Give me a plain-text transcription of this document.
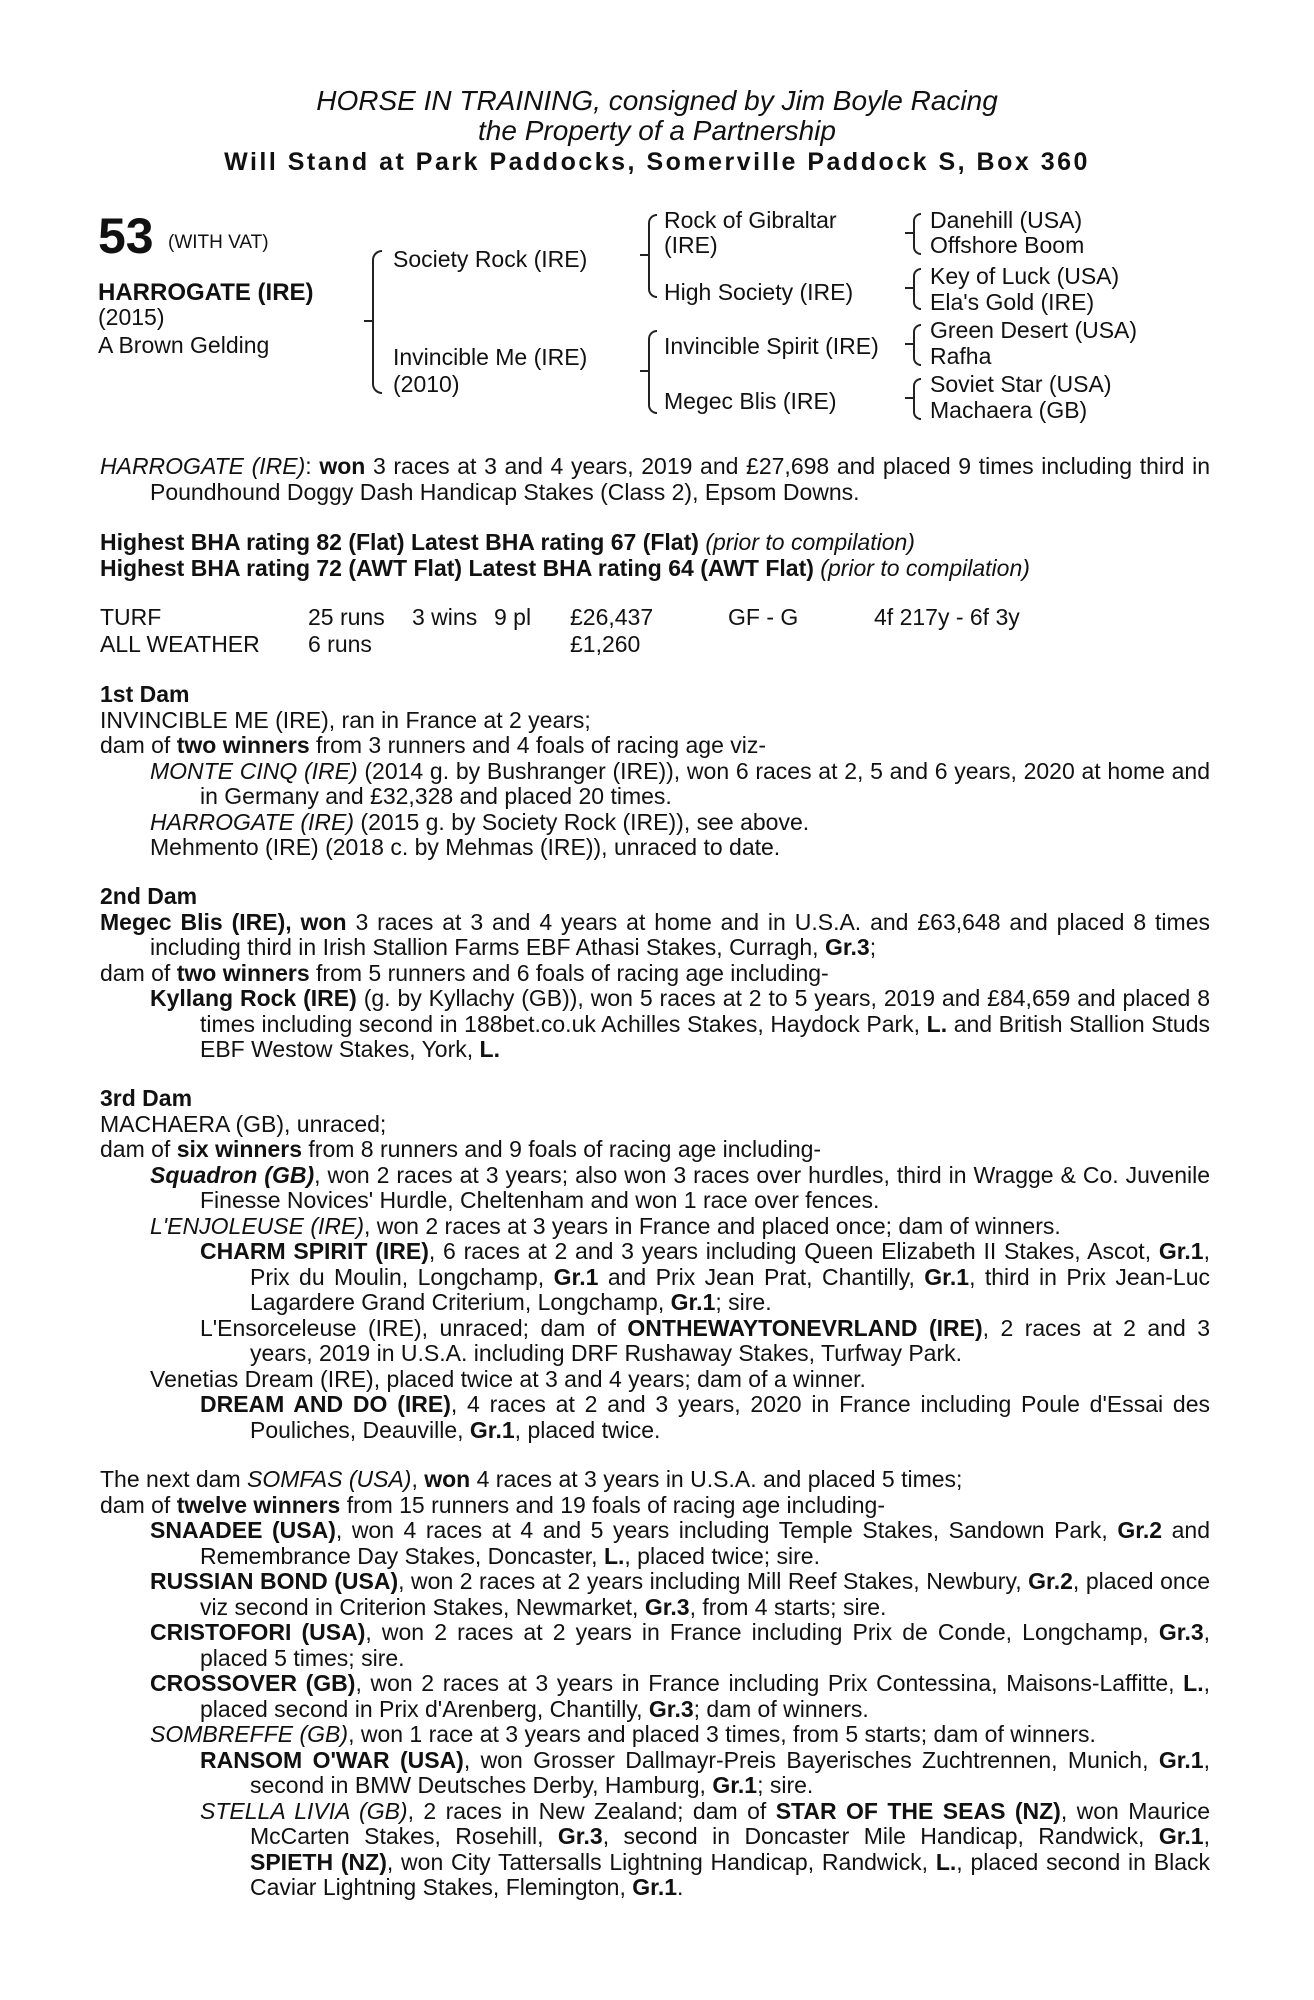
HORSE IN TRAINING, consigned by Jim Boyle Racing
the Property of a Partnership
Will Stand at Park Paddocks, Somerville Paddock S, Box 360
53 (WITH VAT)
HARROGATE (IRE)
(2015)
A Brown Gelding
Society Rock (IRE)
Invincible Me (IRE)
(2010)
Rock of Gibraltar
(IRE)
High Society (IRE)
Invincible Spirit (IRE)
Megec Blis (IRE)
Danehill (USA)
Offshore Boom
Key of Luck (USA)
Ela's Gold (IRE)
Green Desert (USA)
Rafha
Soviet Star (USA)
Machaera (GB)

HARROGATE (IRE): won 3 races at 3 and 4 years, 2019 and £27,698 and placed 9 times including third in Poundhound Doggy Dash Handicap Stakes (Class 2), Epsom Downs.

Highest BHA rating 82 (Flat) Latest BHA rating 67 (Flat) (prior to compilation)

Highest BHA rating 72 (AWT Flat) Latest BHA rating 64 (AWT Flat) (prior to compilation)

TURF	25 runs	3 wins	9 pl	£26,437	GF - G	4f 217y - 6f 3y
ALL WEATHER	6 runs			£1,260		

1st Dam

INVINCIBLE ME (IRE), ran in France at 2 years;

dam of two winners from 3 runners and 4 foals of racing age viz-

MONTE CINQ (IRE) (2014 g. by Bushranger (IRE)), won 6 races at 2, 5 and 6 years, 2020 at home and in Germany and £32,328 and placed 20 times.

HARROGATE (IRE) (2015 g. by Society Rock (IRE)), see above.

Mehmento (IRE) (2018 c. by Mehmas (IRE)), unraced to date.

2nd Dam

Megec Blis (IRE), won 3 races at 3 and 4 years at home and in U.S.A. and £63,648 and placed 8 times including third in Irish Stallion Farms EBF Athasi Stakes, Curragh, Gr.3;

dam of two winners from 5 runners and 6 foals of racing age including-

Kyllang Rock (IRE) (g. by Kyllachy (GB)), won 5 races at 2 to 5 years, 2019 and £84,659 and placed 8 times including second in 188bet.co.uk Achilles Stakes, Haydock Park, L. and British Stallion Studs EBF Westow Stakes, York, L.

3rd Dam

MACHAERA (GB), unraced;

dam of six winners from 8 runners and 9 foals of racing age including-

Squadron (GB), won 2 races at 3 years; also won 3 races over hurdles, third in Wragge & Co. Juvenile Finesse Novices' Hurdle, Cheltenham and won 1 race over fences.

L'ENJOLEUSE (IRE), won 2 races at 3 years in France and placed once; dam of winners.

CHARM SPIRIT (IRE), 6 races at 2 and 3 years including Queen Elizabeth II Stakes, Ascot, Gr.1, Prix du Moulin, Longchamp, Gr.1 and Prix Jean Prat, Chantilly, Gr.1, third in Prix Jean-Luc Lagardere Grand Criterium, Longchamp, Gr.1; sire.

L'Ensorceleuse (IRE), unraced; dam of ONTHEWAYTONEVRLAND (IRE), 2 races at 2 and 3 years, 2019 in U.S.A. including DRF Rushaway Stakes, Turfway Park.

Venetias Dream (IRE), placed twice at 3 and 4 years; dam of a winner.

DREAM AND DO (IRE), 4 races at 2 and 3 years, 2020 in France including Poule d'Essai des Pouliches, Deauville, Gr.1, placed twice.

The next dam SOMFAS (USA), won 4 races at 3 years in U.S.A. and placed 5 times;

dam of twelve winners from 15 runners and 19 foals of racing age including-

SNAADEE (USA), won 4 races at 4 and 5 years including Temple Stakes, Sandown Park, Gr.2 and Remembrance Day Stakes, Doncaster, L., placed twice; sire.

RUSSIAN BOND (USA), won 2 races at 2 years including Mill Reef Stakes, Newbury, Gr.2, placed once viz second in Criterion Stakes, Newmarket, Gr.3, from 4 starts; sire.

CRISTOFORI (USA), won 2 races at 2 years in France including Prix de Conde, Longchamp, Gr.3, placed 5 times; sire.

CROSSOVER (GB), won 2 races at 3 years in France including Prix Contessina, Maisons-Laffitte, L., placed second in Prix d'Arenberg, Chantilly, Gr.3; dam of winners.

SOMBREFFE (GB), won 1 race at 3 years and placed 3 times, from 5 starts; dam of winners.

RANSOM O'WAR (USA), won Grosser Dallmayr-Preis Bayerisches Zuchtrennen, Munich, Gr.1, second in BMW Deutsches Derby, Hamburg, Gr.1; sire.

STELLA LIVIA (GB), 2 races in New Zealand; dam of STAR OF THE SEAS (NZ), won Maurice McCarten Stakes, Rosehill, Gr.3, second in Doncaster Mile Handicap, Randwick, Gr.1, SPIETH (NZ), won City Tattersalls Lightning Handicap, Randwick, L., placed second in Black Caviar Lightning Stakes, Flemington, Gr.1.
